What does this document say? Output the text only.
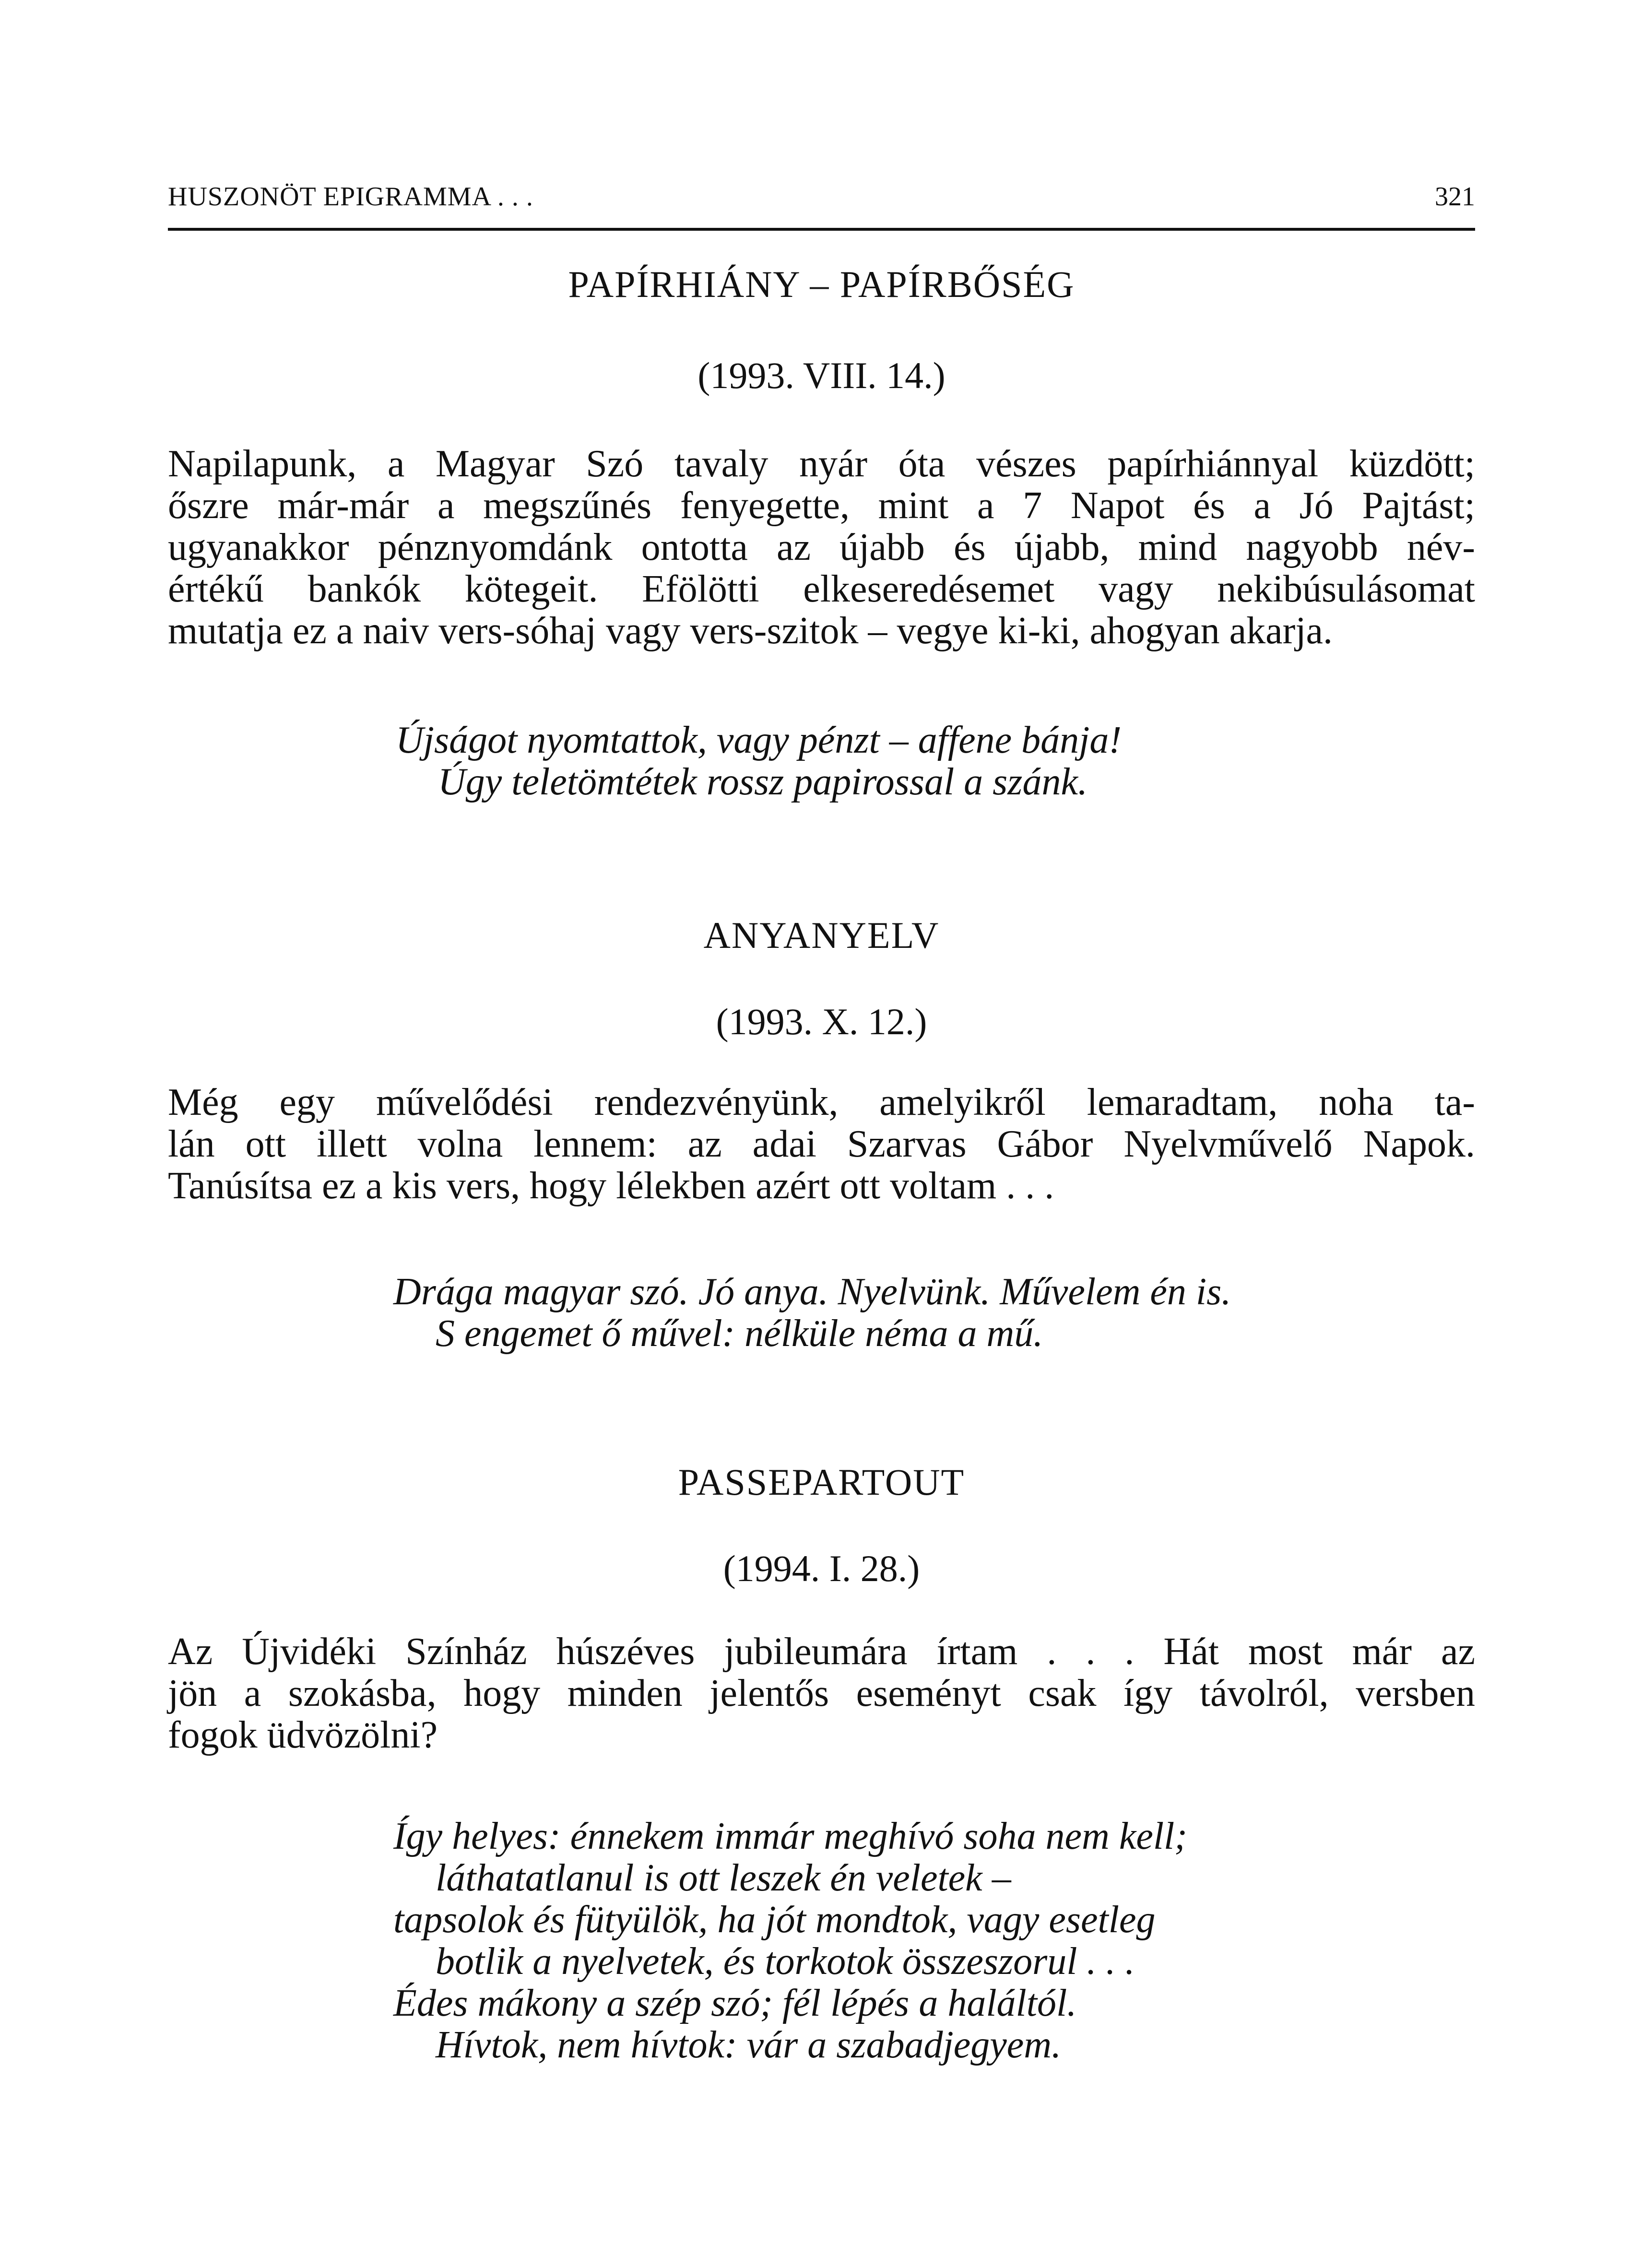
HUSZONÖT EPIGRAMMA . . .	321
PAPÍRHIÁNY – PAPÍRBŐSÉG
(1993. VIII. 14.)
Napilapunk, a Magyar Szó tavaly nyár óta vészes papírhiánnyal küzdött;
őszre már-már a megszűnés fenyegette, mint a 7 Napot és a Jó Pajtást;
ugyanakkor pénznyomdánk ontotta az újabb és újabb, mind nagyobb név-
értékű bankók kötegeit. Efölötti elkeseredésemet vagy nekibúsulásomat
mutatja ez a naiv vers-sóhaj vagy vers-szitok – vegye ki-ki, ahogyan akarja.
Újságot nyomtattok, vagy pénzt – affene bánja!
Úgy teletömtétek rossz papirossal a szánk.
ANYANYELV
(1993. X. 12.)
Még egy művelődési rendezvényünk, amelyikről lemaradtam, noha ta-
lán ott illett volna lennem: az adai Szarvas Gábor Nyelvművelő Napok.
Tanúsítsa ez a kis vers, hogy lélekben azért ott voltam . . .
Drága magyar szó. Jó anya. Nyelvünk. Művelem én is.
S engemet ő művel: nélküle néma a mű.
PASSEPARTOUT
(1994. I. 28.)
Az Újvidéki Színház húszéves jubileumára írtam . . . Hát most már az
jön a szokásba, hogy minden jelentős eseményt csak így távolról, versben
fogok üdvözölni?
Így helyes: énnekem immár meghívó soha nem kell;
láthatatlanul is ott leszek én veletek –
tapsolok és fütyülök, ha jót mondtok, vagy esetleg
botlik a nyelvetek, és torkotok összeszorul . . .
Édes mákony a szép szó; fél lépés a haláltól.
Hívtok, nem hívtok: vár a szabadjegyem.
